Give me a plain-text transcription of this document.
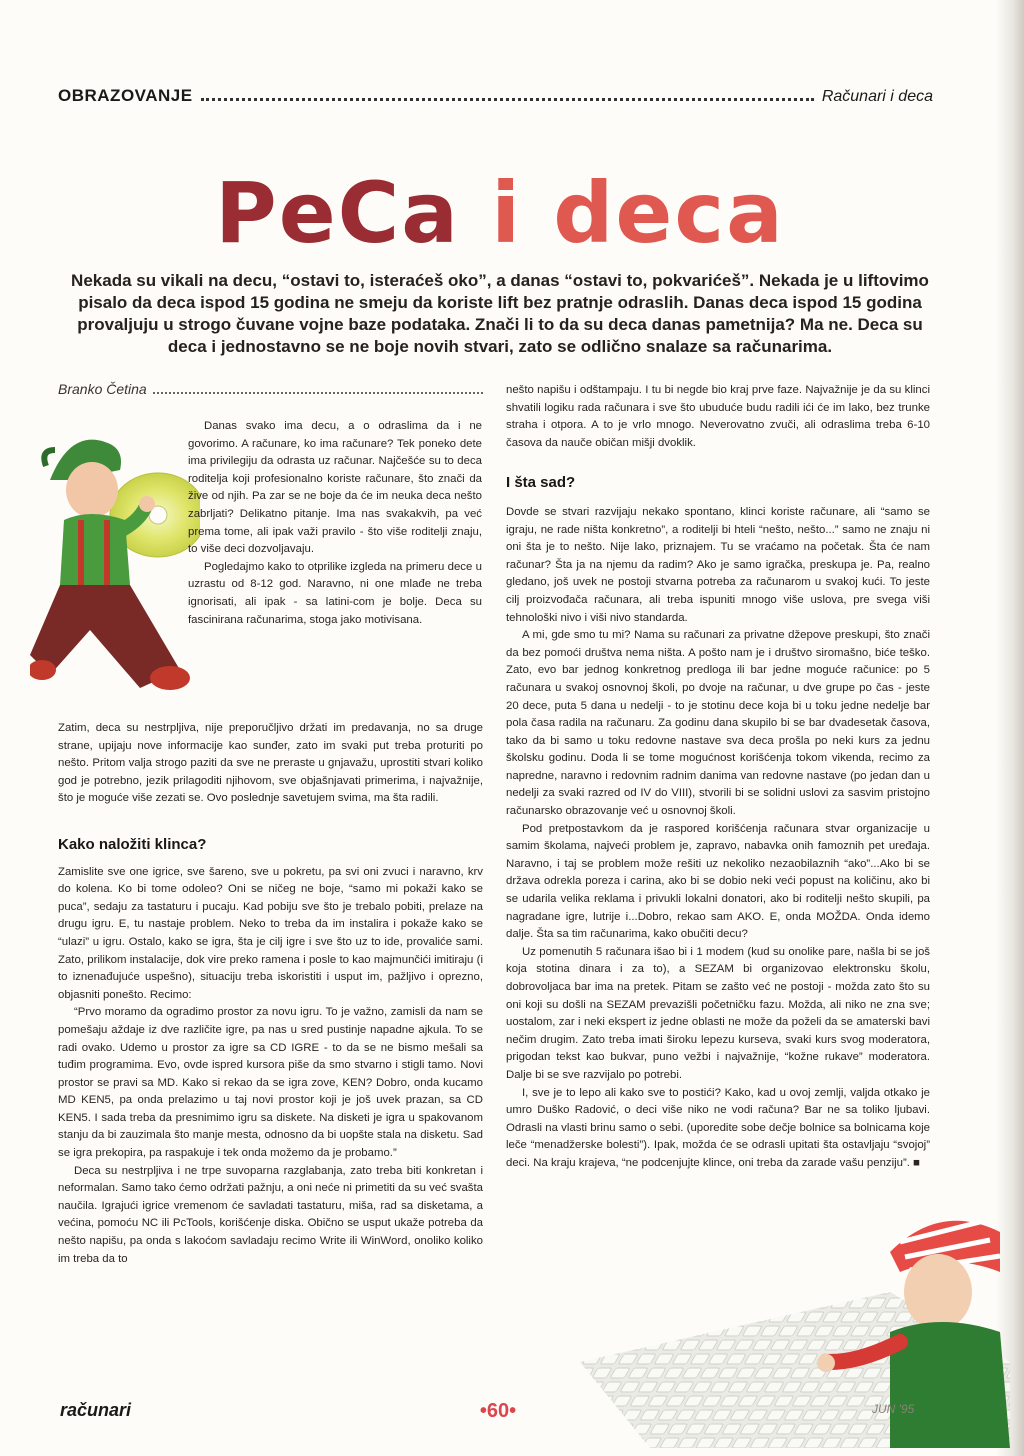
OBRAZOVANJE	Računari i deca
PeCa i deca
Nekada su vikali na decu, “ostavi to, isteraćeš oko”, a danas “ostavi to, pokvarićeš”. Nekada je u liftovimo pisalo da deca ispod 15 godina ne smeju da koriste lift bez pratnje odraslih. Danas deca ispod 15 godina provaljuju u strogo čuvane vojne baze podataka. Znači li to da su deca danas pametnija? Ma ne. Deca su deca i jednostavno se ne boje novih stvari, zato se odlično snalaze sa računarima.
Branko Četina

Danas svako ima decu, a o odraslima da i ne govorimo. A računare, ko ima računare? Tek poneko dete ima privilegiju da odrasta uz računar. Najčešće su to deca roditelja koji profesionalno koriste računare, što znači da žive od njih. Pa zar se ne boje da će im neuka deca nešto zabrljati? Delikatno pitanje. Ima nas svakakvih, pa već prema tome, ali ipak važi pravilo - što više roditelji znaju, to više deci dozvoljavaju.

Pogledajmo kako to otprilike izgleda na primeru dece u uzrastu od 8-12 god. Naravno, ni one mlađe ne treba ignorisati, ali ipak - sa latini-com je bolje. Deca su fascinirana računarima, stoga jako motivisana.

Zatim, deca su nestrpljiva, nije preporučljivo držati im predavanja, no sa druge strane, upijaju nove informacije kao sunđer, zato im svaki put treba proturiti po nešto. Pritom valja strogo paziti da sve ne preraste u gnjavažu, uprostiti stvari koliko god je potrebno, jezik prilagoditi njihovom, sve objašnjavati primerima, i najvažnije, što je moguće više zezati se. Ovo poslednje savetujem svima, ma šta radili.

Kako naložiti klinca?

Zamislite sve one igrice, sve šareno, sve u pokretu, pa svi oni zvuci i naravno, krv do kolena. Ko bi tome odoleo? Oni se ničeg ne boje, “samo mi pokaži kako se puca”, sedaju za tastaturu i pucaju. Kad pobiju sve što je trebalo pobiti, prelaze na drugu igru. E, tu nastaje problem. Neko to treba da im instalira i pokaže kako se “ulazi” u igru. Ostalo, kako se igra, šta je cilj igre i sve što uz to ide, provaliće sami. Zato, prilikom instalacije, dok vire preko ramena i posle to kao majmunčići imitiraju (i to iznenađujuće uspešno), situaciju treba iskoristiti i usput im, pažljivo i oprezno, objasniti ponešto. Recimo:

“Prvo moramo da ogradimo prostor za novu igru. To je važno, zamisli da nam se pomešaju aždaje iz dve različite igre, pa nas u sred pustinje napadne ajkula. To se radi ovako. Udemo u prostor za igre sa CD IGRE - to da se ne bismo mešali sa tuđim programima. Evo, ovde ispred kursora piše da smo stvarno i stigli tamo. Novi prostor se pravi sa MD. Kako si rekao da se igra zove, KEN? Dobro, onda kucamo MD KEN5, pa onda prelazimo u taj novi prostor koji je još uvek prazan, sa CD KEN5. I sada treba da presnimimo igru sa diskete. Na disketi je igra u spakovanom stanju da bi zauzimala što manje mesta, odnosno da bi uopšte stala na disketu. Sad se igra prekopira, pa raspakuje i tek onda možemo da je probamo.”

Deca su nestrpljiva i ne trpe suvoparna razglabanja, zato treba biti konkretan i neformalan. Samo tako ćemo održati pažnju, a oni neće ni primetiti da su već svašta naučila. Igrajući igrice vremenom će savladati tastaturu, miša, rad sa disketama, a većina, pomoću NC ili PcTools, korišćenje diska. Obično se usput ukaže potreba da nešto napišu, pa onda s lakoćom savladaju recimo Write ili WinWord, onoliko koliko im treba da to

nešto napišu i odštampaju. I tu bi negde bio kraj prve faze. Najvažnije je da su klinci shvatili logiku rada računara i sve što ubuduće budu radili ići će im lako, bez trunke straha i otpora. A to je vrlo mnogo. Neverovatno zvuči, ali odraslima treba 6-10 časova da nauče običan mišji dvoklik.

I šta sad?

Dovde se stvari razvijaju nekako spontano, klinci koriste računare, ali “samo se igraju, ne rade ništa konkretno”, a roditelji bi hteli “nešto, nešto...” samo ne znaju ni oni šta je to nešto. Nije lako, priznajem. Tu se vraćamo na početak. Šta će nam računar? Šta ja na njemu da radim? Ako je samo igračka, preskupa je. Pa, realno gledano, još uvek ne postoji stvarna potreba za računarom u svakoj kući. To jeste cilj proizvođača računara, ali treba ispuniti mnogo više uslova, pre svega viši tehnološki nivo i viši nivo standarda.

A mi, gde smo tu mi? Nama su računari za privatne džepove preskupi, što znači da bez pomoći društva nema ništa. A pošto nam je i društvo siromašno, biće teško. Zato, evo bar jednog konkretnog predloga ili bar jedne moguće računice: po 5 računara u svakoj osnovnoj školi, po dvoje na računar, u dve grupe po čas - jeste 20 dece, puta 5 dana u nedelji - to je stotinu dece koja bi u toku jedne nedelje bar pola časa radila na računaru. Za godinu dana skupilo bi se bar dvadesetak časova, tako da bi samo u toku redovne nastave svа deca prošla po neki kurs za jednu školsku godinu. Doda li se tome mogućnost korišćenja tokom vikenda, recimo za napredne, naravno i redovnim radnim danima van redovne nastave (po jedan dan u nedelji za svaki razred od IV do VIII), stvorili bi se solidni uslovi za sasvim pristojno računarsko obrazovanje već u osnovnoj školi.

Pod pretpostavkom da je raspored korišćenja računara stvar organizacije u samim školama, najveći problem je, zapravo, nabavka onih famoznih pet uređaja. Naravno, i taj se problem može rešiti uz nekoliko nezaobilaznih “ako”...Ako bi se država odrekla poreza i carina, ako bi se dobio neki veći popust na količinu, ako bi se udarila velika reklama i privukli lokalni donatori, ako bi roditelji nešto skupili, pa nagradane igre, lutrije i...Dobro, rekao sam AKO. E, onda MOŽDA. Onda idemo dalje. Šta sa tim računarima, kako obučiti decu?

Uz pomenutih 5 računara išao bi i 1 modem (kud su onolike pare, našla bi se još koja stotina dinara i za to), a SEZAM bi organizovao elektronsku školu, dobrovoljaca bar ima na pretek. Pitam se zašto već ne postoji - možda zato što su oni koji su došli na SEZAM prevazišli početničku fazu. Možda, ali niko ne zna sve; uostalom, zar i neki ekspert iz jedne oblasti ne može da poželi da se amaterski bavi nečim drugim. Zato treba imati široku lepezu kurseva, svaki kurs svog moderatora, prigodan tekst kao bukvar, puno vežbi i najvažnije, “kožne rukave” moderatora. Dalje bi se sve razvijalo po potrebi.

I, sve je to lepo ali kako sve to postići? Kako, kad u ovoj zemlji, valjda otkako je umro Duško Radović, o deci više niko ne vodi računa? Bar ne sa toliko ljubavi. Odrasli na vlasti brinu samo o sebi. (uporedite sobe dečje bolnice sa bolnicama koje leče “menadžerske bolesti”). Ipak, možda će se odrasli upitati šta ostavljaju “svojoj” deci. Na kraju krajeva, “ne podcenjujte klince, oni treba da zarade vašu penziju”. ■

računari	•60•	JUN '95
